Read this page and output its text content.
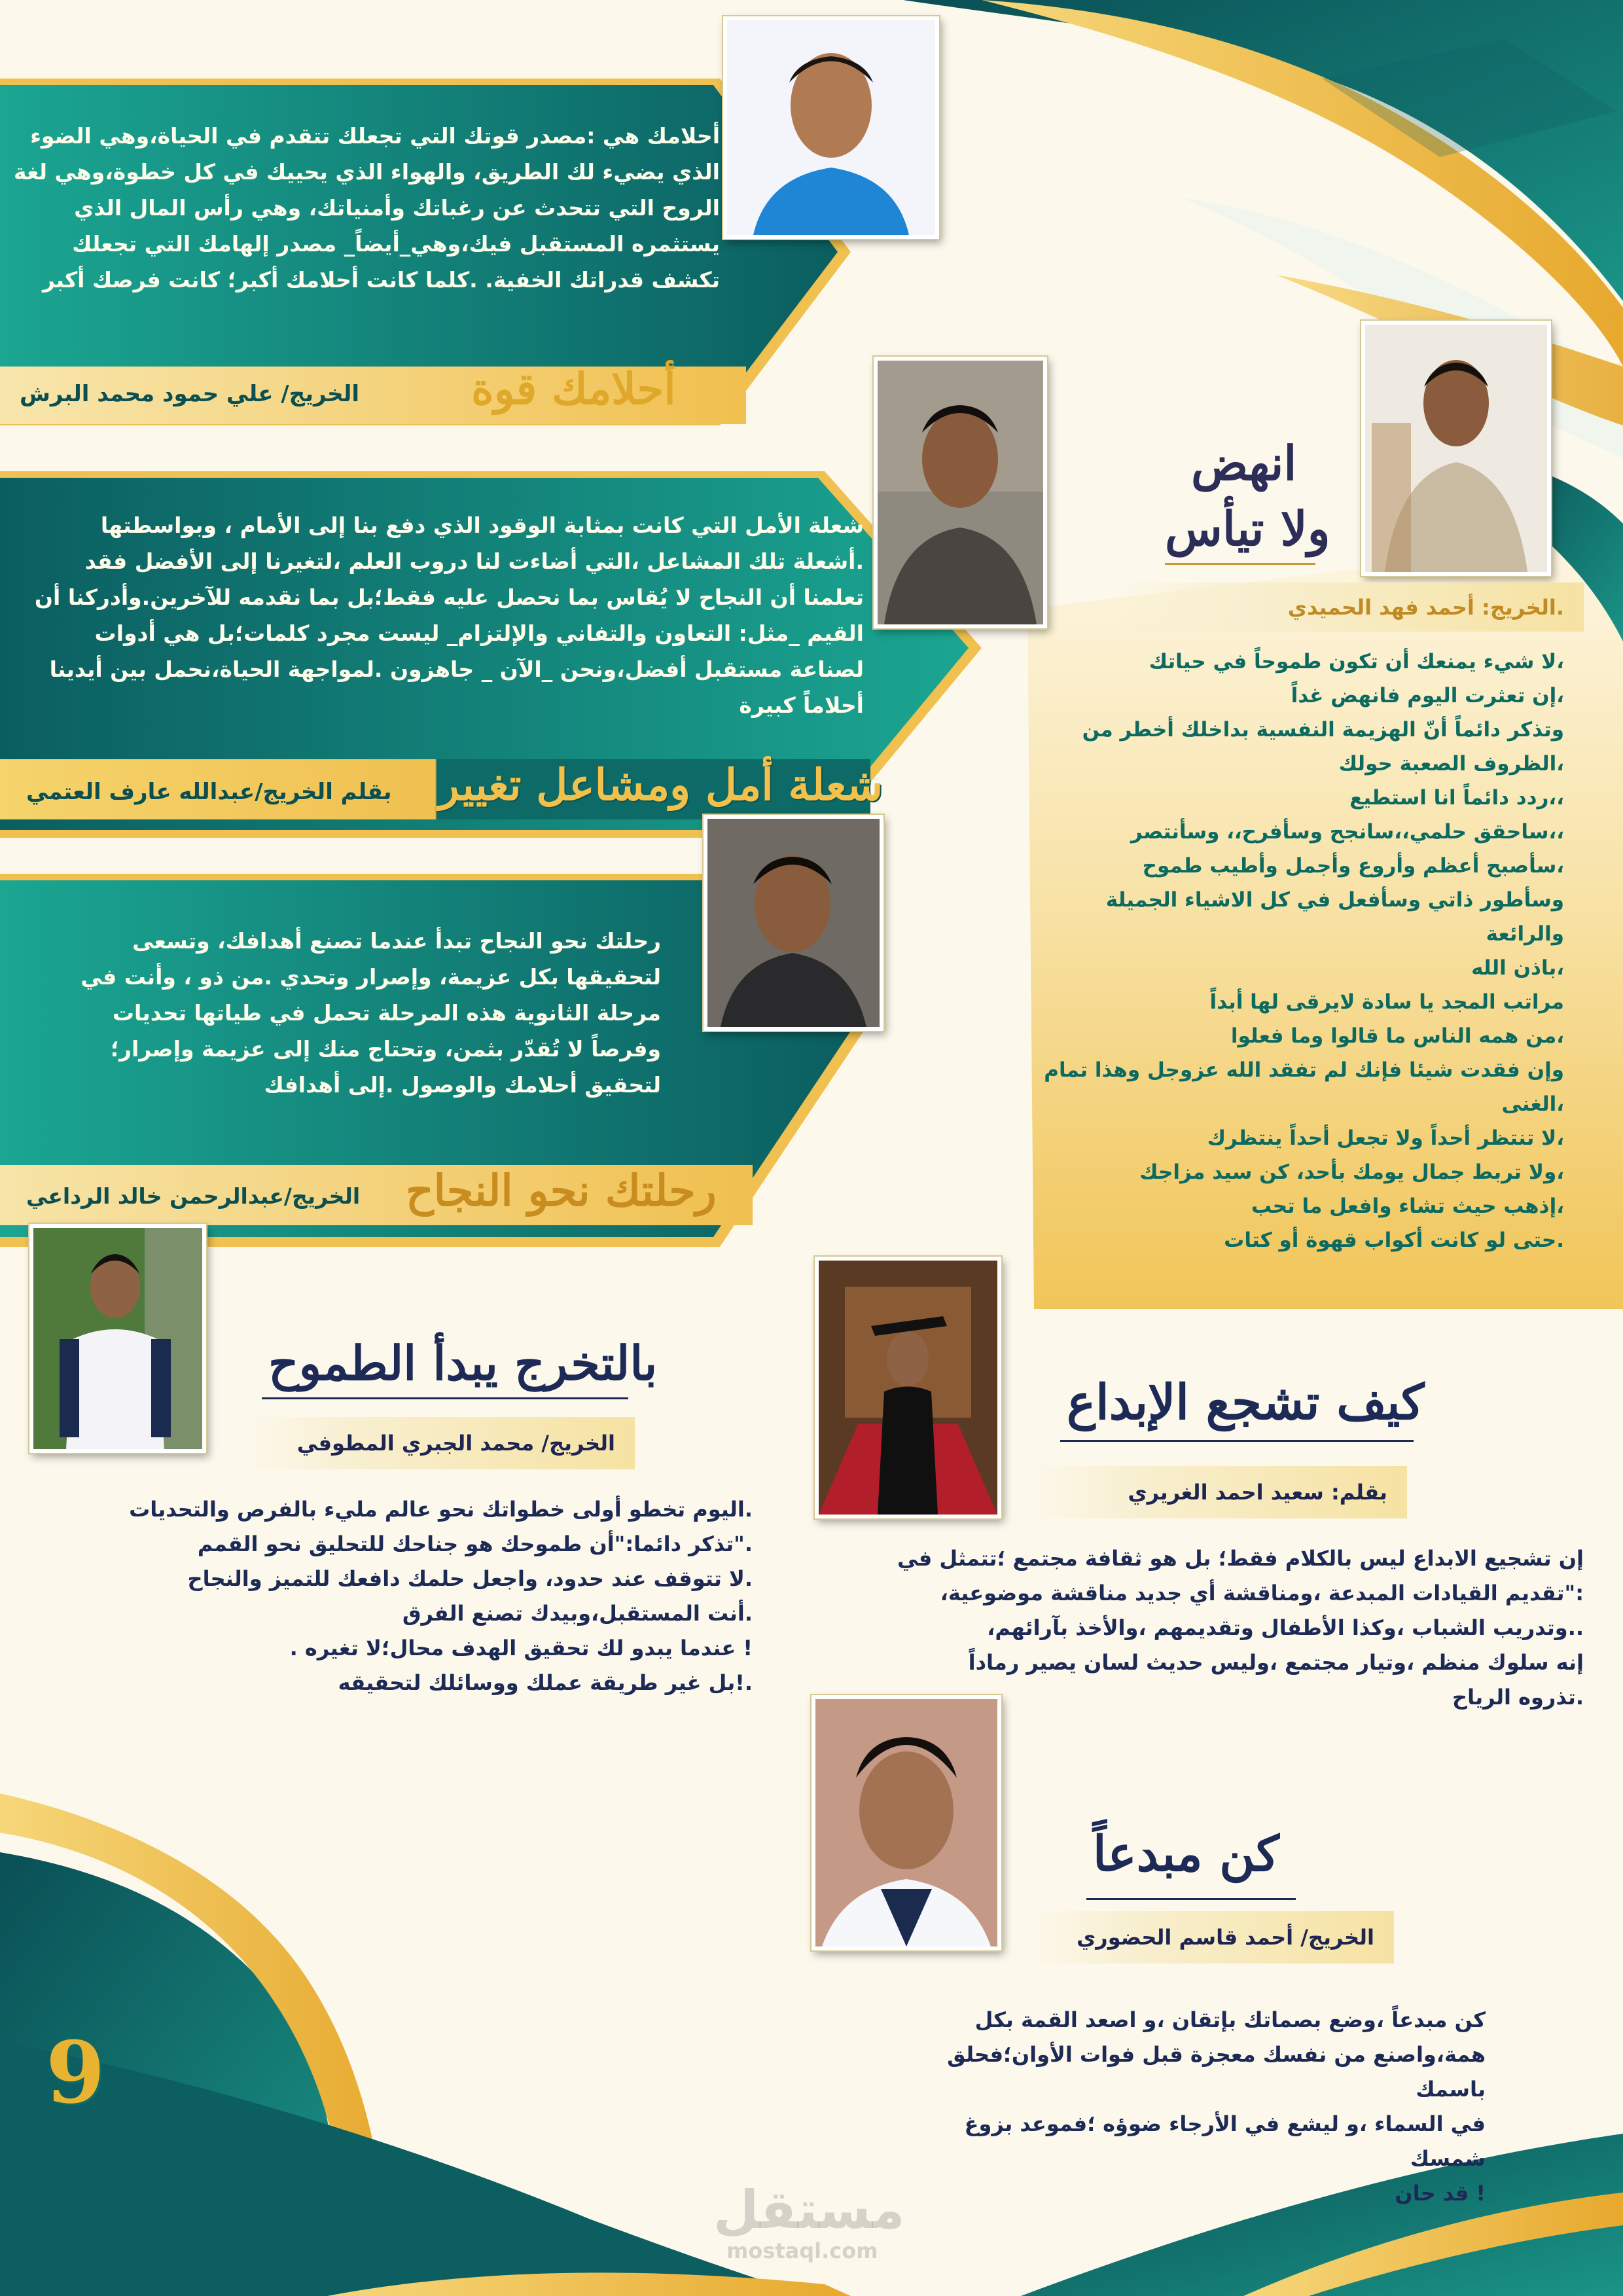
أحلامك هي :مصدر قوتك التي تجعلك تتقدم في الحياة،وهي الضوء الذي يضيء لك الطريق، والهواء الذي يحييك في كل خطوة،وهي لغة الروح التي تتحدث عن رغباتك وأمنياتك، وهي رأس المال الذي يستثمره المستقبل فيك،وهي_أيضاً_ مصدر إلهامك التي تجعلك تكشف قدراتك الخفية. .كلما كانت أحلامك أكبر؛ كانت فرصك أكبر
أحلامك قوة
الخريج/ علي حمود محمد البرش
شعلة الأمل التي كانت بمثابة الوقود الذي دفع بنا إلى الأمام ، وبواسطتها .أشعلة تلك المشاعل ،التي أضاءت لنا دروب العلم ،لتغيرنا إلى الأفضل فقد تعلمنا أن النجاح لا يُقاس بما نحصل عليه فقط؛بل بما نقدمه للآخرين.وأدركنا أن القيم _مثل: التعاون والتفاني والإلتزام_ ليست مجرد كلمات؛بل هي أدوات لصناعة مستقبل أفضل،ونحن _الآن _ جاهزون .لمواجهة الحياة،نحمل بين أيدينا أحلاماً كبيرة
شعلة أمل ومشاعل تغيير
بقلم الخريج/عبدالله عارف العتمي
رحلتك نحو النجاح تبدأ عندما تصنع أهدافك، وتسعى لتحقيقها بكل عزيمة، وإصرار وتحدي .من ذو ، وأنت في مرحلة الثانوية هذه المرحلة تحمل في طياتها تحديات وفرصاً لا تُقدّر بثمن، وتحتاج منك إلى عزيمة وإصرار؛ لتحقيق أحلامك والوصول .إلى أهدافك
رحلتك نحو النجاح
الخريج/عبدالرحمن خالد الرداعي
انهض
ولا تيأس
.الخريج: أحمد فهد الحميدي
،لا شيء يمنعك أن تكون طموحاً في حياتك
،إن تعثرت اليوم فانهض غداً
وتذكر دائماً أنّ الهزيمة النفسية بداخلك أخطر من
،الظروف الصعبة حولك
،،ردد دائماً انا استطيع
،،ساحقق حلمي،،سانجح وسأفرح،، وسأنتصر
،سأصبح أعظم وأروع وأجمل وأطيب طموح
وسأطور ذاتي وسأفعل في كل الاشياء الجميلة والرائعة
،باذن الله
مراتب المجد يا سادة لايرقى لها أبداً
،من همه الناس ما قالوا وما فعلوا
وإن فقدت شيئا فإنك لم تفقد الله عزوجل وهذا تمام
،الغنى
،لا تنتظر أحداً ولا تجعل أحداً ينتظرك
،ولا تربط جمال يومك بأحد، كن سيد مزاجك
،إذهب حيث تشاء وافعل ما تحب
.حتى لو كانت أكواب قهوة أو كتات
بالتخرج يبدأ الطموح
الخريج/ محمد الجبري المطوفي
.اليوم تخطو أولى خطواتك نحو عالم مليء بالفرص والتحديات
."تذكر دائما:"أن طموحك هو جناحك للتحليق نحو القمم
.لا تتوقف عند حدود، واجعل حلمك دافعك للتميز والنجاح
.أنت المستقبل،وبيدك تصنع الفرق
! عندما يبدو لك تحقيق الهدف محال؛لا تغيره .
.!بل غير طريقة عملك ووسائلك لتحقيقه
كيف تشجع الإبداع
بقلم: سعيد احمد الغريري
إن تشجيع الابداع ليس بالكلام فقط؛ بل هو ثقافة مجتمع ؛تتمثل في
:"تقديم القيادات المبدعة ،ومناقشة أي جديد مناقشة موضوعية،
..وتدريب الشباب ،وكذا الأطفال وتقديمهم ،والأخذ بآرائهم،
إنه سلوك منظم ،وتيار مجتمع ،وليس حديث لسان يصير رماداً
.تذروه الرياح
كن مبدعاً
الخريج/ أحمد قاسم الحضوري
كن مبدعاً ،وضع بصماتك بإتقان ،و اصعد القمة بكل
همة،واصنع من نفسك معجزة قبل فوات الأوان؛فحلق باسمك
في السماء ،و ليشع في الأرجاء ضوؤه ؛فموعد بزوغ شمسك
! قد حان
9
مستقل
mostaql.com
